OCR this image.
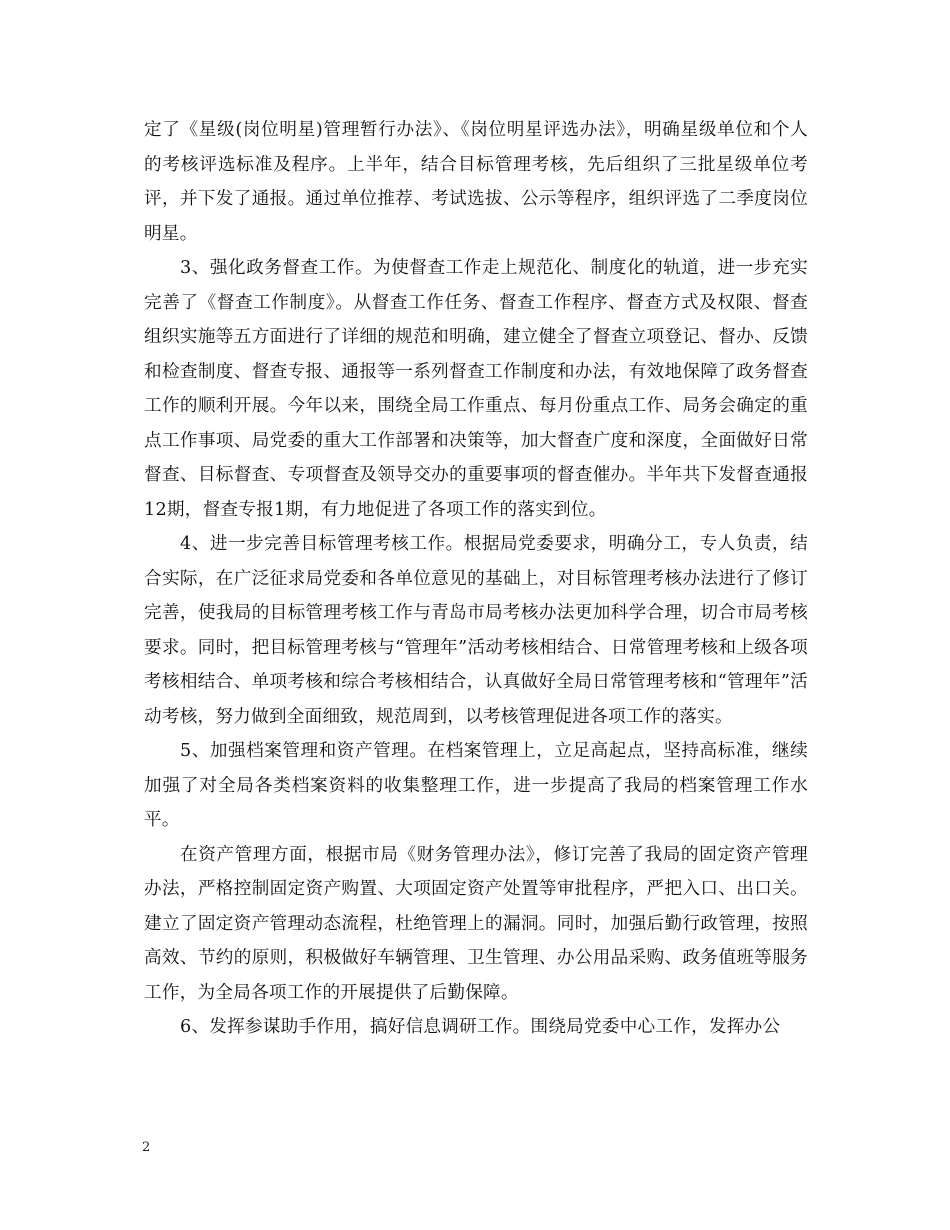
定了《星级(岗位明星)管理暂行办法》、《岗位明星评选办法》，明确星级单位和个人的考核评选标准及程序。上半年，结合目标管理考核，先后组织了三批星级单位考评，并下发了通报。通过单位推荐、考试选拔、公示等程序，组织评选了二季度岗位明星。

3、强化政务督查工作。为使督查工作走上规范化、制度化的轨道，进一步充实完善了《督查工作制度》。从督查工作任务、督查工作程序、督查方式及权限、督查组织实施等五方面进行了详细的规范和明确，建立健全了督查立项登记、督办、反馈和检查制度、督查专报、通报等一系列督查工作制度和办法，有效地保障了政务督查工作的顺利开展。今年以来，围绕全局工作重点、每月份重点工作、局务会确定的重点工作事项、局党委的重大工作部署和决策等，加大督查广度和深度，全面做好日常督查、目标督查、专项督查及领导交办的重要事项的督查催办。半年共下发督查通报12期，督查专报1期，有力地促进了各项工作的落实到位。

4、进一步完善目标管理考核工作。根据局党委要求，明确分工，专人负责，结合实际，在广泛征求局党委和各单位意见的基础上，对目标管理考核办法进行了修订完善，使我局的目标管理考核工作与青岛市局考核办法更加科学合理，切合市局考核要求。同时，把目标管理考核与“管理年”活动考核相结合、日常管理考核和上级各项考核相结合、单项考核和综合考核相结合，认真做好全局日常管理考核和“管理年”活动考核，努力做到全面细致，规范周到，以考核管理促进各项工作的落实。

5、加强档案管理和资产管理。在档案管理上，立足高起点，坚持高标准，继续加强了对全局各类档案资料的收集整理工作，进一步提高了我局的档案管理工作水平。

在资产管理方面，根据市局《财务管理办法》，修订完善了我局的固定资产管理办法，严格控制固定资产购置、大项固定资产处置等审批程序，严把入口、出口关。建立了固定资产管理动态流程，杜绝管理上的漏洞。同时，加强后勤行政管理，按照高效、节约的原则，积极做好车辆管理、卫生管理、办公用品采购、政务值班等服务工作，为全局各项工作的开展提供了后勤保障。

6、发挥参谋助手作用，搞好信息调研工作。围绕局党委中心工作，发挥办公

2
